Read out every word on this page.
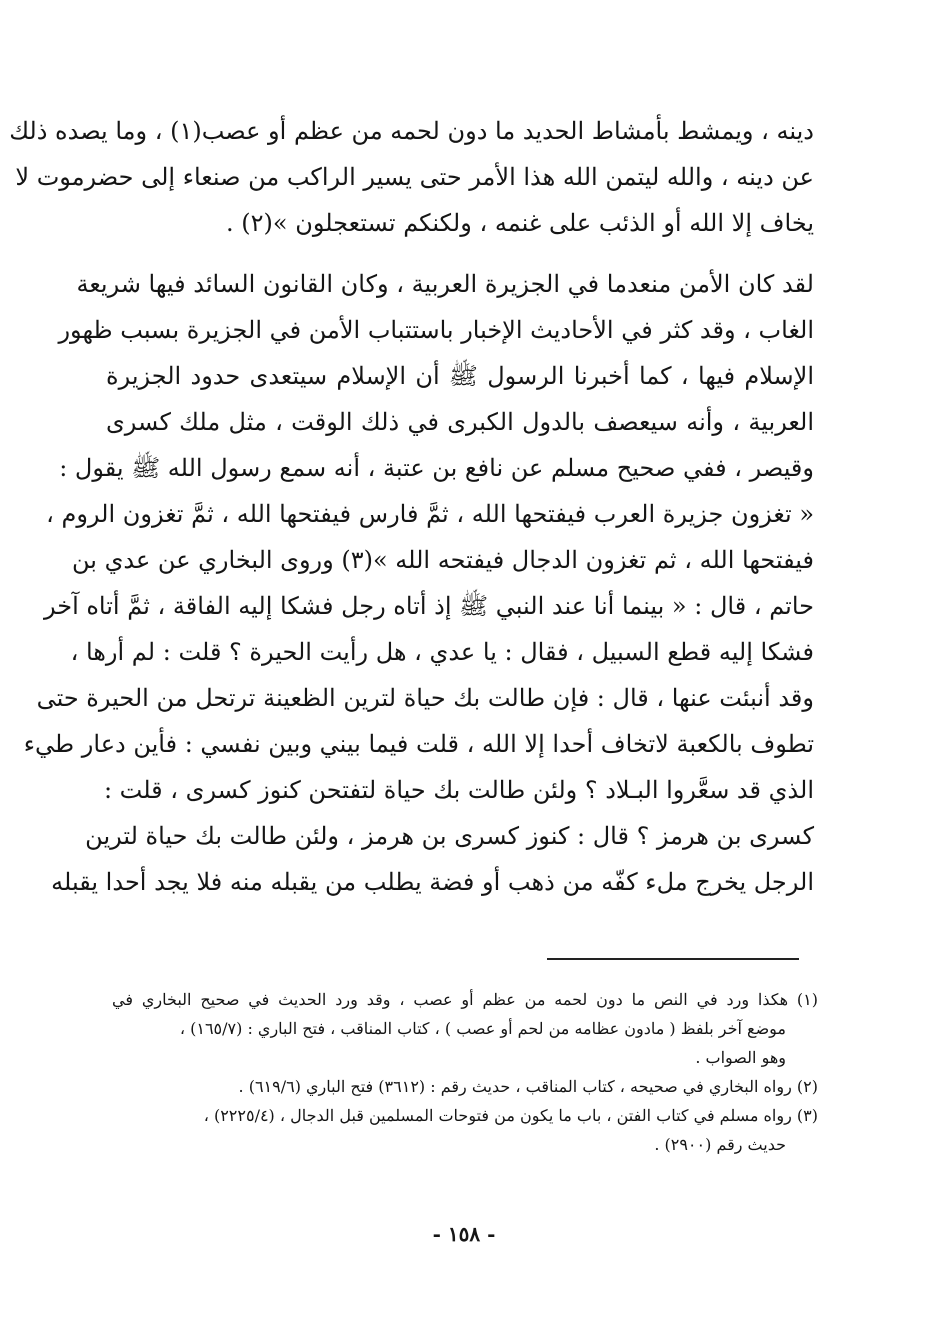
دينه ، ويمشط بأمشاط الحديد ما دون لحمه من عظم أو عصب(١) ، وما يصده ذلك
عن دينه ، والله ليتمن الله هذا الأمر حتى يسير الراكب من صنعاء إلى حضرموت لا
يخاف إلا الله أو الذئب على غنمه ، ولكنكم تستعجلون »(٢) .
لقد كان الأمن منعدما في الجزيرة العربية ، وكان القانون السائد فيها شريعة
الغاب ، وقد كثر في الأحاديث الإخبار باستتباب الأمن في الجزيرة بسبب ظهور
الإسلام فيها ، كما أخبرنا الرسول ﷺ أن الإسلام سيتعدى حدود الجزيرة
العربية ، وأنه سيعصف بالدول الكبرى في ذلك الوقت ، مثل ملك كسرى
وقيصر ، ففي صحيح مسلم عن نافع بن عتبة ، أنه سمع رسول الله ﷺ يقول :
« تغزون جزيرة العرب فيفتحها الله ، ثمَّ فارس فيفتحها الله ، ثمَّ تغزون الروم ،
فيفتحها الله ، ثم تغزون الدجال فيفتحه الله »(٣) وروى البخاري عن عدي بن
حاتم ، قال : « بينما أنا عند النبي ﷺ إذ أتاه رجل فشكا إليه الفاقة ، ثمَّ أتاه آخر
فشكا إليه قطع السبيل ، فقال : يا عدي ، هل رأيت الحيرة ؟ قلت : لم أرها ،
وقد أنبئت عنها ، قال : فإن طالت بك حياة لترين الظعينة ترتحل من الحيرة حتى
تطوف بالكعبة لاتخاف أحدا إلا الله ، قلت فيما بيني وبين نفسي : فأين دعار طيء
الذي قد سعَّروا البـلاد ؟ ولئن طالت بك حياة لتفتحن كنوز كسرى ، قلت :
كسرى بن هرمز ؟ قال : كنوز كسرى بن هرمز ، ولئن طالت بك حياة لترين
الرجل يخرج ملء كفّه من ذهب أو فضة يطلب من يقبله منه فلا يجد أحدا يقبله
(١) هكذا ورد في النص ما دون لحمه من عظم أو عصب ، وقد ورد الحديث في صحيح البخاري في
موضع آخر بلفظ ( مادون عظامه من لحم أو عصب ) ، كتاب المناقب ، فتح الباري : (١٦٥/٧) ،
وهو الصواب .
(٢) رواه البخاري في صحيحه ، كتاب المناقب ، حديث رقم : (٣٦١٢) فتح الباري (٦١٩/٦) .
(٣) رواه مسلم في كتاب الفتن ، باب ما يكون من فتوحات المسلمين قبل الدجال ، (٢٢٢٥/٤) ،
حديث رقم (٢٩٠٠) .
- ١٥٨ -
